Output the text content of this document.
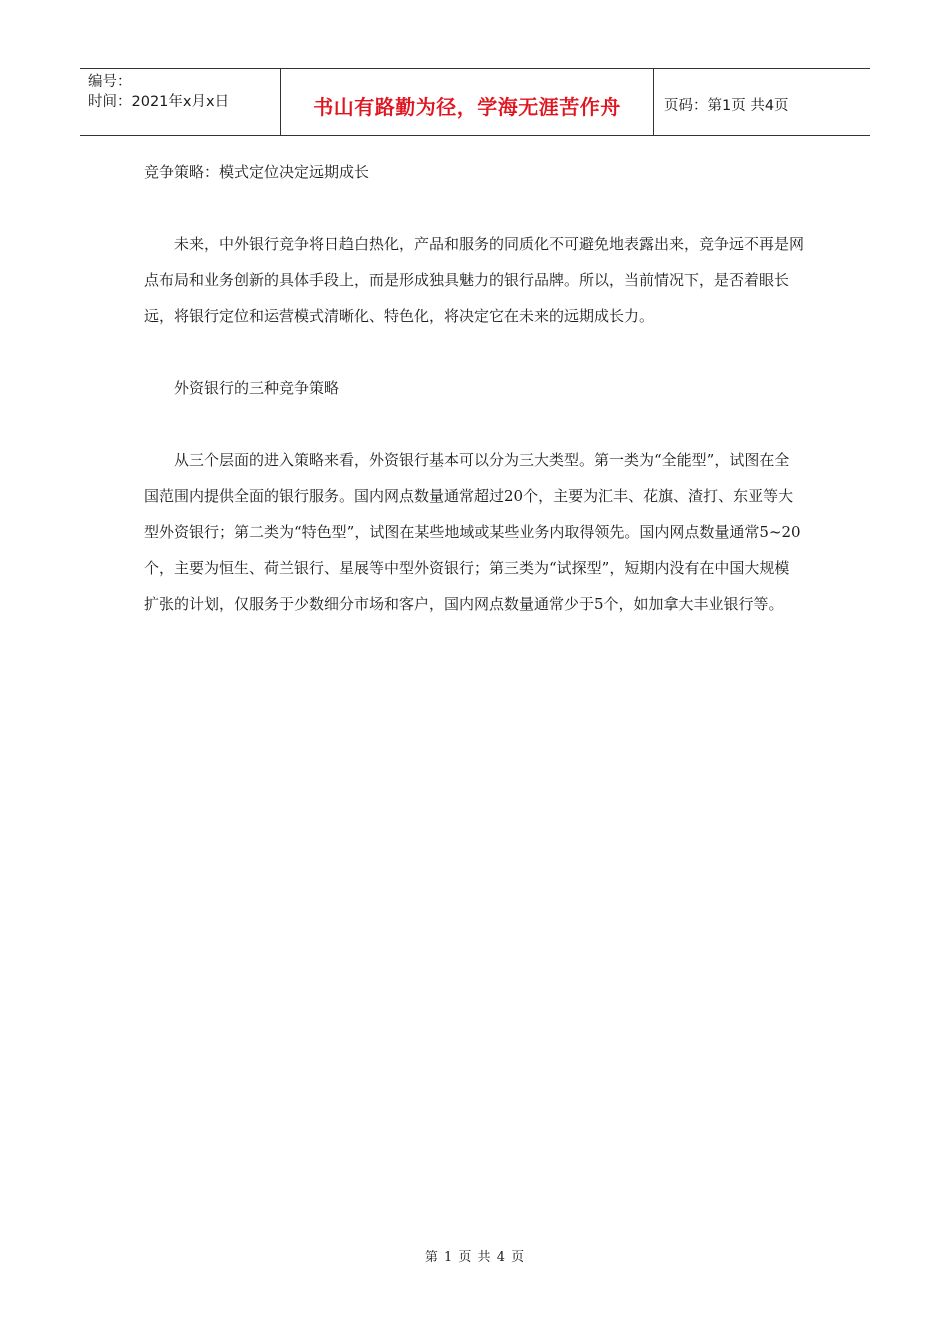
编号：
时间：2021年x月x日	书山有路勤为径，学海无涯苦作舟	页码：第1页 共4页

竞争策略：模式定位决定远期成长

未来，中外银行竞争将日趋白热化，产品和服务的同质化不可避免地表露出来，竞争远不再是网点布局和业务创新的具体手段上，而是形成独具魅力的银行品牌。所以，当前情况下，是否着眼长远，将银行定位和运营模式清晰化、特色化，将决定它在未来的远期成长力。

外资银行的三种竞争策略

从三个层面的进入策略来看，外资银行基本可以分为三大类型。第一类为“全能型”，试图在全国范围内提供全面的银行服务。国内网点数量通常超过20个，主要为汇丰、花旗、渣打、东亚等大型外资银行；第二类为“特色型”，试图在某些地域或某些业务内取得领先。国内网点数量通常5~20个，主要为恒生、荷兰银行、星展等中型外资银行；第三类为“试探型”，短期内没有在中国大规模扩张的计划，仅服务于少数细分市场和客户，国内网点数量通常少于5个，如加拿大丰业银行等。

第 1 页 共 4 页
